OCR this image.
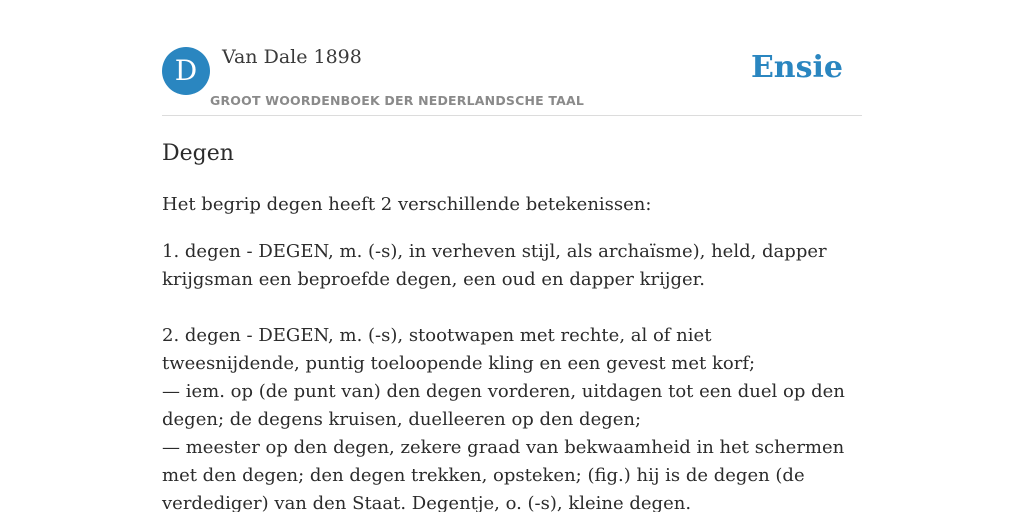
D	Van Dale 1898
GROOT WOORDENBOEK DER NEDERLANDSCHE TAAL
Ensie
Degen

Het begrip degen heeft 2 verschillende betekenissen:

1. degen - DEGEN, m. (-s), in verheven stijl, als archaïsme), held, dapper krijgsman een beproefde degen, een oud en dapper krijger.
2. degen - DEGEN, m. (-s), stootwapen met rechte, al of niet tweesnijdende, puntig toeloopende kling en een gevest met korf;
— iem. op (de punt van) den degen vorderen, uitdagen tot een duel op den degen; de degens kruisen, duelleeren op den degen;
— meester op den degen, zekere graad van bekwaamheid in het schermen met den degen; den degen trekken, opsteken; (fig.) hij is de degen (de verdediger) van den Staat. Degentje, o. (-s), kleine degen.
